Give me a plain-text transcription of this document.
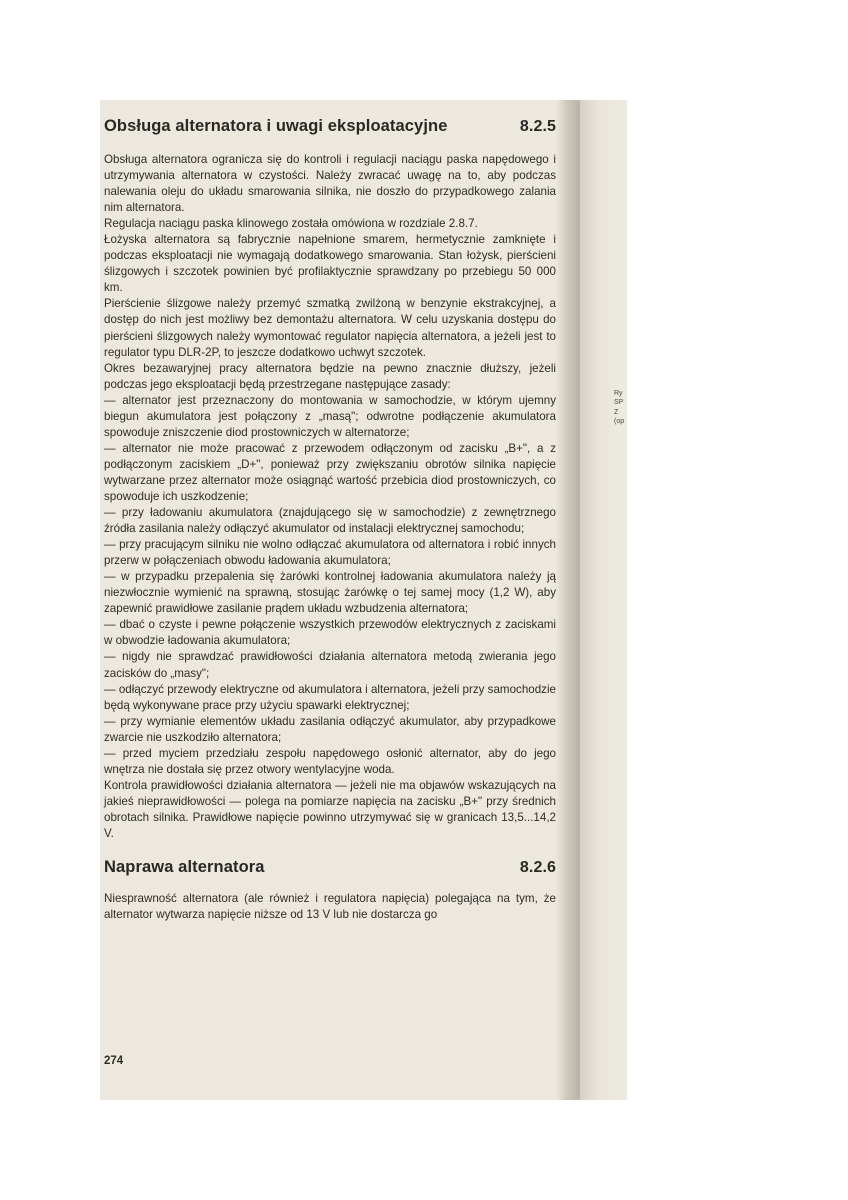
Obsługa alternatora i uwagi eksploatacyjne	8.2.5

Obsługa alternatora ogranicza się do kontroli i regulacji naciągu paska napędowego i utrzymywania alternatora w czystości. Należy zwracać uwagę na to, aby podczas nalewania oleju do układu smarowania silnika, nie doszło do przypadkowego zalania nim alternatora.

Regulacja naciągu paska klinowego została omówiona w rozdziale 2.8.7.

Łożyska alternatora są fabrycznie napełnione smarem, hermetycznie zamknięte i podczas eksploatacji nie wymagają dodatkowego smarowania. Stan łożysk, pierścieni ślizgowych i szczotek powinien być profilaktycznie sprawdzany po przebiegu 50 000 km.

Pierścienie ślizgowe należy przemyć szmatką zwilżoną w benzynie ekstrakcyjnej, a dostęp do nich jest możliwy bez demontażu alternatora. W celu uzyskania dostępu do pierścieni ślizgowych należy wymontować regulator napięcia alternatora, a jeżeli jest to regulator typu DLR-2P, to jeszcze dodatkowo uchwyt szczotek.

Okres bezawaryjnej pracy alternatora będzie na pewno znacznie dłuższy, jeżeli podczas jego eksploatacji będą przestrzegane następujące zasady:

— alternator jest przeznaczony do montowania w samochodzie, w którym ujemny biegun akumulatora jest połączony z „masą"; odwrotne podłączenie akumulatora spowoduje zniszczenie diod prostowniczych w alternatorze;

— alternator nie może pracować z przewodem odłączonym od zacisku „B+", a z podłączonym zaciskiem „D+", ponieważ przy zwiększaniu obrotów silnika napięcie wytwarzane przez alternator może osiągnąć wartość przebicia diod prostowniczych, co spowoduje ich uszkodzenie;

— przy ładowaniu akumulatora (znajdującego się w samochodzie) z zewnętrznego źródła zasilania należy odłączyć akumulator od instalacji elektrycznej samochodu;

— przy pracującym silniku nie wolno odłączać akumulatora od alternatora i robić innych przerw w połączeniach obwodu ładowania akumulatora;

— w przypadku przepalenia się żarówki kontrolnej ładowania akumulatora należy ją niezwłocznie wymienić na sprawną, stosując żarówkę o tej samej mocy (1,2 W), aby zapewnić prawidłowe zasilanie prądem układu wzbudzenia alternatora;

— dbać o czyste i pewne połączenie wszystkich przewodów elektrycznych z zaciskami w obwodzie ładowania akumulatora;

— nigdy nie sprawdzać prawidłowości działania alternatora metodą zwierania jego zacisków do „masy";

— odłączyć przewody elektryczne od akumulatora i alternatora, jeżeli przy samochodzie będą wykonywane prace przy użyciu spawarki elektrycznej;

— przy wymianie elementów układu zasilania odłączyć akumulator, aby przypadkowe zwarcie nie uszkodziło alternatora;

— przed myciem przedziału zespołu napędowego osłonić alternator, aby do jego wnętrza nie dostała się przez otwory wentylacyjne woda.

Kontrola prawidłowości działania alternatora — jeżeli nie ma objawów wskazujących na jakieś nieprawidłowości — polega na pomiarze napięcia na zacisku „B+" przy średnich obrotach silnika. Prawidłowe napięcie powinno utrzymywać się w granicach 13,5...14,2 V.

Naprawa alternatora	8.2.6

Niesprawność alternatora (ale również i regulatora napięcia) polegająca na tym, że alternator wytwarza napięcie niższe od 13 V lub nie dostarcza go

274
Ry
SP
Z
(op
